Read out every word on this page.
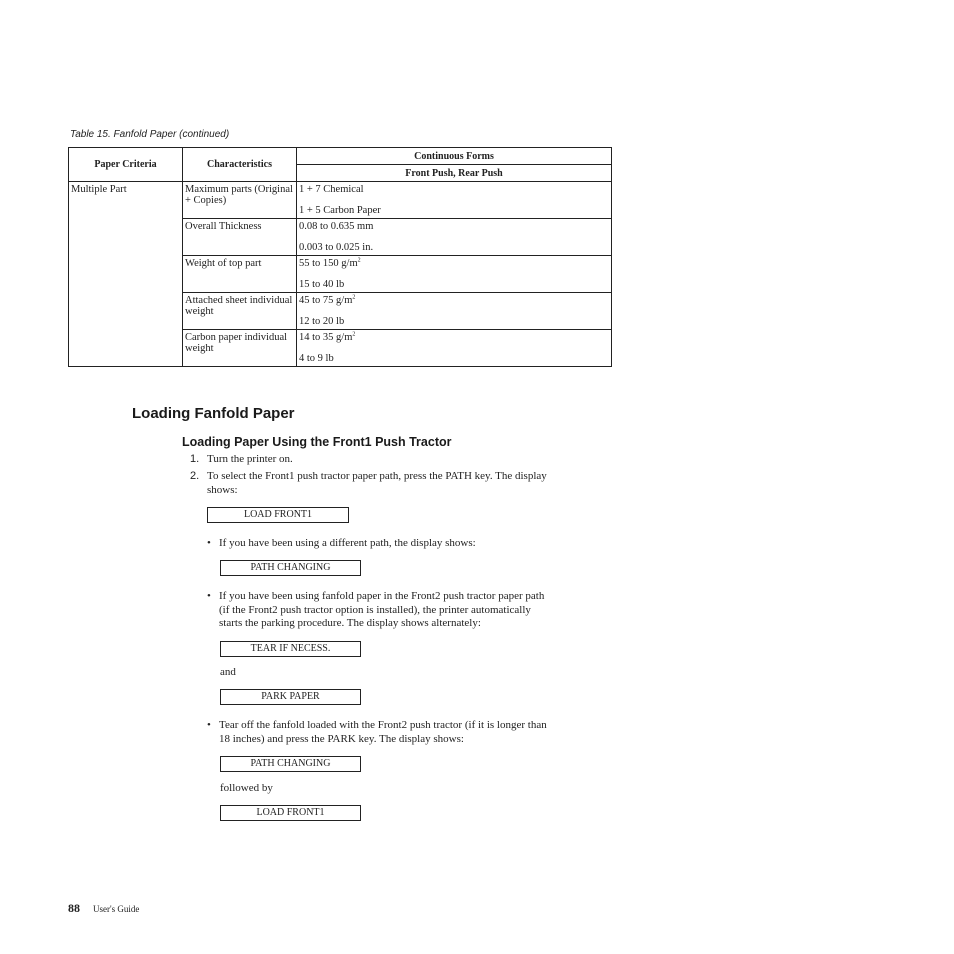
Table 15. Fanfold Paper (continued)
Paper Criteria	Characteristics	Continuous Forms
		Front Push, Rear Push
Multiple Part	Maximum parts (Original + Copies)	1 + 7 Chemical
1 + 5 Carbon Paper

	Overall Thickness	0.08 to 0.635 mm
0.003 to 0.025 in.

	Weight of top part	55 to 150 $g/m^2$
15 to 40 lb

	Attached sheet individual weight	45 to 75 $g/m^2$
12 to 20 lb

	Carbon paper individual weight	14 to 35 $g/m^2$
4 to 9 lb
Loading Fanfold Paper
Loading Paper Using the Front1 Push Tractor
1. Turn the printer on.
2. To select the Front1 push tractor paper path, press the PATH key. The display
shows:
LOAD FRONT1
• If you have been using a different path, the display shows:
PATH CHANGING
• If you have been using fanfold paper in the Front2 push tractor paper path
(if the Front2 push tractor option is installed), the printer automatically
starts the parking procedure. The display shows alternately:
TEAR IF NECESS.
and
PARK PAPER
• Tear off the fanfold loaded with the Front2 push tractor (if it is longer than
18 inches) and press the PARK key. The display shows:
PATH CHANGING
followed by
LOAD FRONT1
88 User's Guide
